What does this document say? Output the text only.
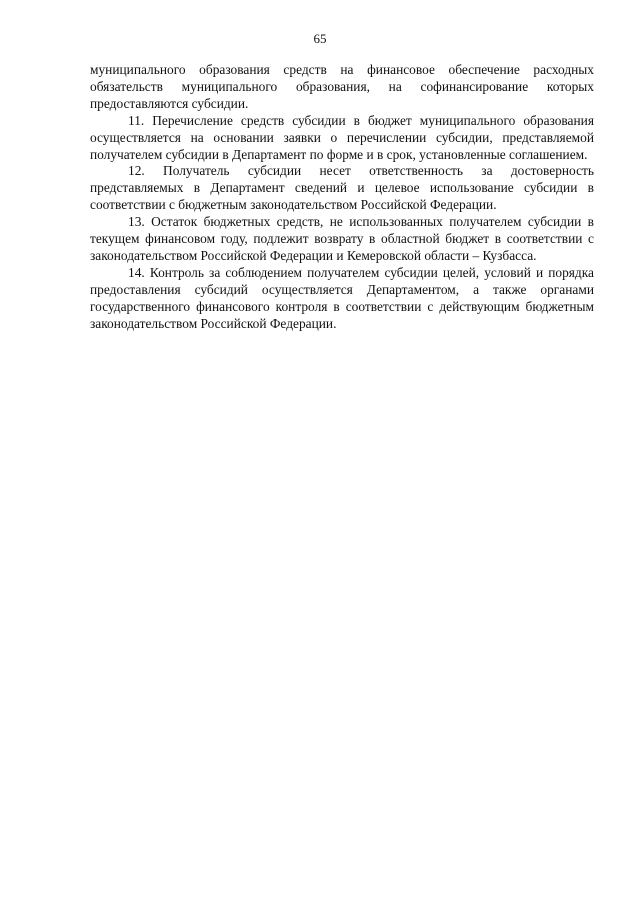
65

муниципального образования средств на финансовое обеспечение расходных обязательств муниципального образования, на софинансирование которых предоставляются субсидии.

11. Перечисление средств субсидии в бюджет муниципального образования осуществляется на основании заявки о перечислении субсидии, представляемой получателем субсидии в Департамент по форме и в срок, установленные соглашением.

12. Получатель субсидии несет ответственность за достоверность представляемых в Департамент сведений и целевое использование субсидии в соответствии с бюджетным законодательством Российской Федерации.

13. Остаток бюджетных средств, не использованных получателем субсидии в текущем финансовом году, подлежит возврату в областной бюджет в соответствии с законодательством Российской Федерации и Кемеровской области – Кузбасса.

14. Контроль за соблюдением получателем субсидии целей, условий и порядка предоставления субсидий осуществляется Департаментом, а также органами государственного финансового контроля в соответствии с действующим бюджетным законодательством Российской Федерации.
